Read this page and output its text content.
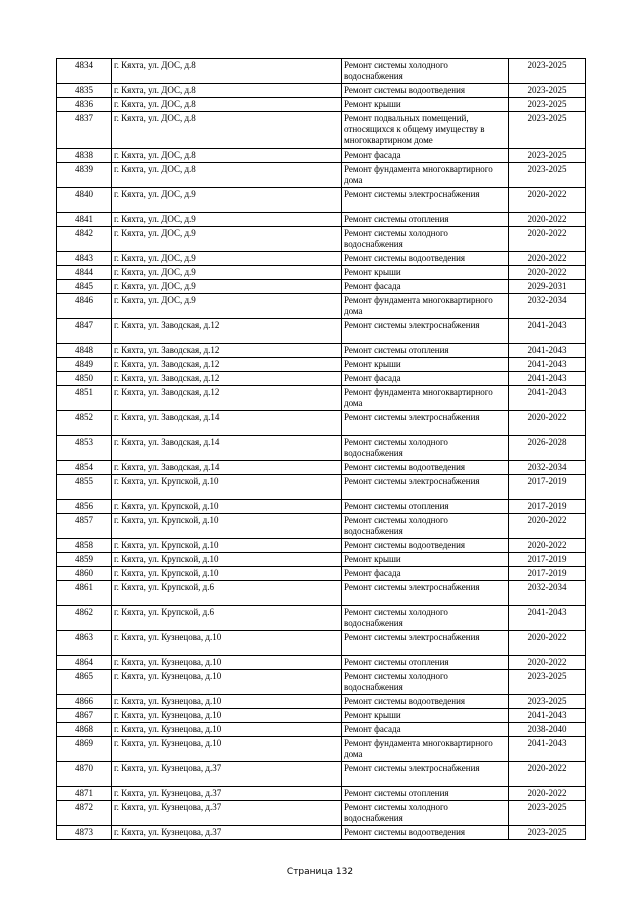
4834	г. Кяхта, ул. ДОС, д.8	Ремонт системы холодного водоснабжения	2023-2025
4835	г. Кяхта, ул. ДОС, д.8	Ремонт системы водоотведения	2023-2025
4836	г. Кяхта, ул. ДОС, д.8	Ремонт крыши	2023-2025
4837	г. Кяхта, ул. ДОС, д.8	Ремонт подвальных помещений, относящихся к общему имуществу в многоквартирном доме	2023-2025
4838	г. Кяхта, ул. ДОС, д.8	Ремонт фасада	2023-2025
4839	г. Кяхта, ул. ДОС, д.8	Ремонт фундамента многоквартирного дома	2023-2025
4840	г. Кяхта, ул. ДОС, д.9	Ремонт системы электроснабжения	2020-2022
4841	г. Кяхта, ул. ДОС, д.9	Ремонт системы отопления	2020-2022
4842	г. Кяхта, ул. ДОС, д.9	Ремонт системы холодного водоснабжения	2020-2022
4843	г. Кяхта, ул. ДОС, д.9	Ремонт системы водоотведения	2020-2022
4844	г. Кяхта, ул. ДОС, д.9	Ремонт крыши	2020-2022
4845	г. Кяхта, ул. ДОС, д.9	Ремонт фасада	2029-2031
4846	г. Кяхта, ул. ДОС, д.9	Ремонт фундамента многоквартирного дома	2032-2034
4847	г. Кяхта, ул. Заводская, д.12	Ремонт системы электроснабжения	2041-2043
4848	г. Кяхта, ул. Заводская, д.12	Ремонт системы отопления	2041-2043
4849	г. Кяхта, ул. Заводская, д.12	Ремонт крыши	2041-2043
4850	г. Кяхта, ул. Заводская, д.12	Ремонт фасада	2041-2043
4851	г. Кяхта, ул. Заводская, д.12	Ремонт фундамента многоквартирного дома	2041-2043
4852	г. Кяхта, ул. Заводская, д.14	Ремонт системы электроснабжения	2020-2022
4853	г. Кяхта, ул. Заводская, д.14	Ремонт системы холодного водоснабжения	2026-2028
4854	г. Кяхта, ул. Заводская, д.14	Ремонт системы водоотведения	2032-2034
4855	г. Кяхта, ул. Крупской, д.10	Ремонт системы электроснабжения	2017-2019
4856	г. Кяхта, ул. Крупской, д.10	Ремонт системы отопления	2017-2019
4857	г. Кяхта, ул. Крупской, д.10	Ремонт системы холодного водоснабжения	2020-2022
4858	г. Кяхта, ул. Крупской, д.10	Ремонт системы водоотведения	2020-2022
4859	г. Кяхта, ул. Крупской, д.10	Ремонт крыши	2017-2019
4860	г. Кяхта, ул. Крупской, д.10	Ремонт фасада	2017-2019
4861	г. Кяхта, ул. Крупской, д.6	Ремонт системы электроснабжения	2032-2034
4862	г. Кяхта, ул. Крупской, д.6	Ремонт системы холодного водоснабжения	2041-2043
4863	г. Кяхта, ул. Кузнецова, д.10	Ремонт системы электроснабжения	2020-2022
4864	г. Кяхта, ул. Кузнецова, д.10	Ремонт системы отопления	2020-2022
4865	г. Кяхта, ул. Кузнецова, д.10	Ремонт системы холодного водоснабжения	2023-2025
4866	г. Кяхта, ул. Кузнецова, д.10	Ремонт системы водоотведения	2023-2025
4867	г. Кяхта, ул. Кузнецова, д.10	Ремонт крыши	2041-2043
4868	г. Кяхта, ул. Кузнецова, д.10	Ремонт фасада	2038-2040
4869	г. Кяхта, ул. Кузнецова, д.10	Ремонт фундамента многоквартирного дома	2041-2043
4870	г. Кяхта, ул. Кузнецова, д.37	Ремонт системы электроснабжения	2020-2022
4871	г. Кяхта, ул. Кузнецова, д.37	Ремонт системы отопления	2020-2022
4872	г. Кяхта, ул. Кузнецова, д.37	Ремонт системы холодного водоснабжения	2023-2025
4873	г. Кяхта, ул. Кузнецова, д.37	Ремонт системы водоотведения	2023-2025
Страница 132
